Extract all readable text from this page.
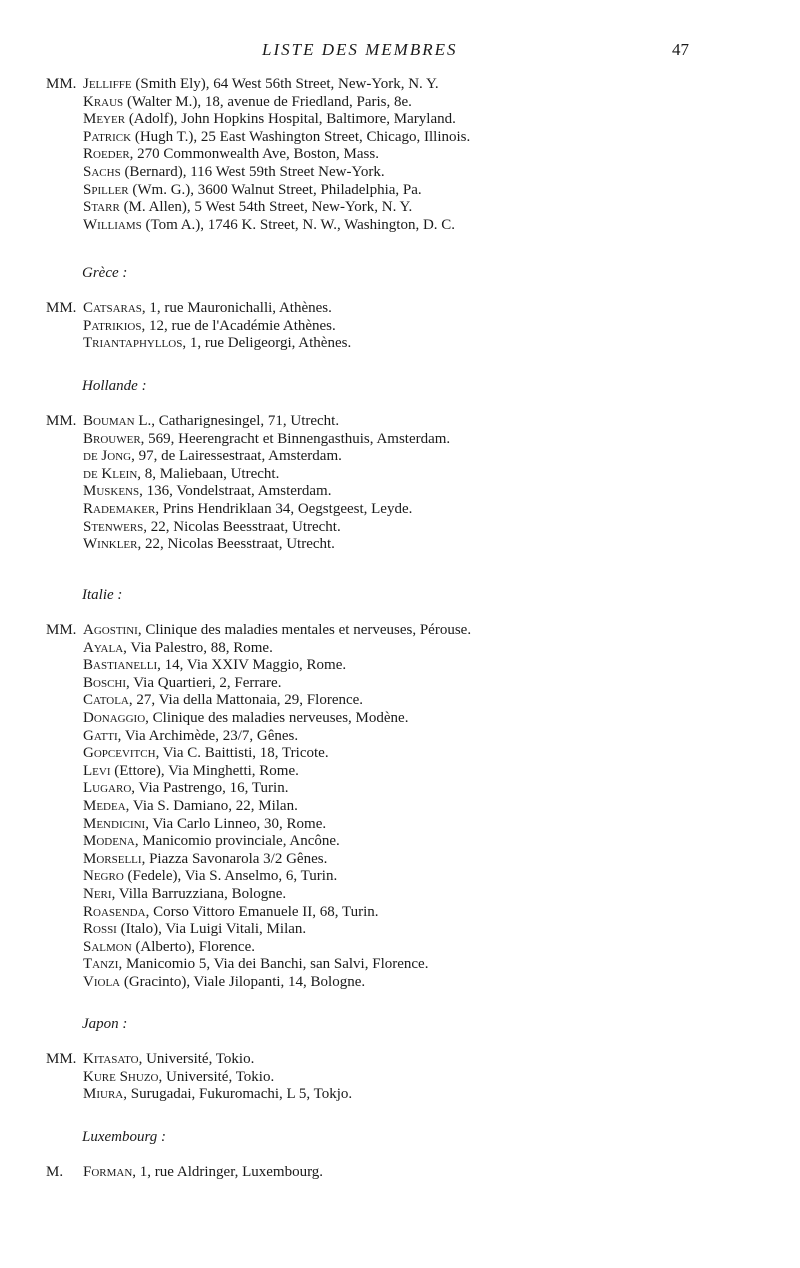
LISTE DES MEMBRES	47
MM. Jelliffe (Smith Ely), 64 West 56th Street, New-York, N. Y.
Kraus (Walter M.), 18, avenue de Friedland, Paris, 8e.
Meyer (Adolf), John Hopkins Hospital, Baltimore, Maryland.
Patrick (Hugh T.), 25 East Washington Street, Chicago, Illinois.
Roeder, 270 Commonwealth Ave, Boston, Mass.
Sachs (Bernard), 116 West 59th Street New-York.
Spiller (Wm. G.), 3600 Walnut Street, Philadelphia, Pa.
Starr (M. Allen), 5 West 54th Street, New-York, N. Y.
Williams (Tom A.), 1746 K. Street, N. W., Washington, D. C.
Grèce :
MM. Catsaras, 1, rue Mauronichalli, Athènes.
Patrikios, 12, rue de l'Académie Athènes.
Triantaphyllos, 1, rue Deligeorgi, Athènes.
Hollande :
MM. Bouman L., Catharignesingel, 71, Utrecht.
Brouwer, 569, Heerengracht et Binnengasthuis, Amsterdam.
de Jong, 97, de Lairessestraat, Amsterdam.
de Klein, 8, Maliebaan, Utrecht.
Muskens, 136, Vondelstraat, Amsterdam.
Rademaker, Prins Hendriklaan 34, Oegstgeest, Leyde.
Stenwers, 22, Nicolas Beesstraat, Utrecht.
Winkler, 22, Nicolas Beesstraat, Utrecht.
Italie :
MM. Agostini, Clinique des maladies mentales et nerveuses, Pérouse.
Ayala, Via Palestro, 88, Rome.
Bastianelli, 14, Via XXIV Maggio, Rome.
Boschi, Via Quartieri, 2, Ferrare.
Catola, 27, Via della Mattonaia, 29, Florence.
Donaggio, Clinique des maladies nerveuses, Modène.
Gatti, Via Archimède, 23/7, Gênes.
Gopcevitch, Via C. Baittisti, 18, Tricote.
Levi (Ettore), Via Minghetti, Rome.
Lugaro, Via Pastrengo, 16, Turin.
Medea, Via S. Damiano, 22, Milan.
Mendicini, Via Carlo Linneo, 30, Rome.
Modena, Manicomio provinciale, Ancône.
Morselli, Piazza Savonarola 3/2 Gênes.
Negro (Fedele), Via S. Anselmo, 6, Turin.
Neri, Villa Barruzziana, Bologne.
Roasenda, Corso Vittoro Emanuele II, 68, Turin.
Rossi (Italo), Via Luigi Vitali, Milan.
Salmon (Alberto), Florence.
Tanzi, Manicomio 5, Via dei Banchi, san Salvi, Florence.
Viola (Gracinto), Viale Jilopanti, 14, Bologne.
Japon :
MM. Kitasato, Université, Tokio.
Kure Shuzo, Université, Tokio.
Miura, Surugadai, Fukuromachi, L 5, Tokjo.
Luxembourg :
M.	Forman, 1, rue Aldringer, Luxembourg.
